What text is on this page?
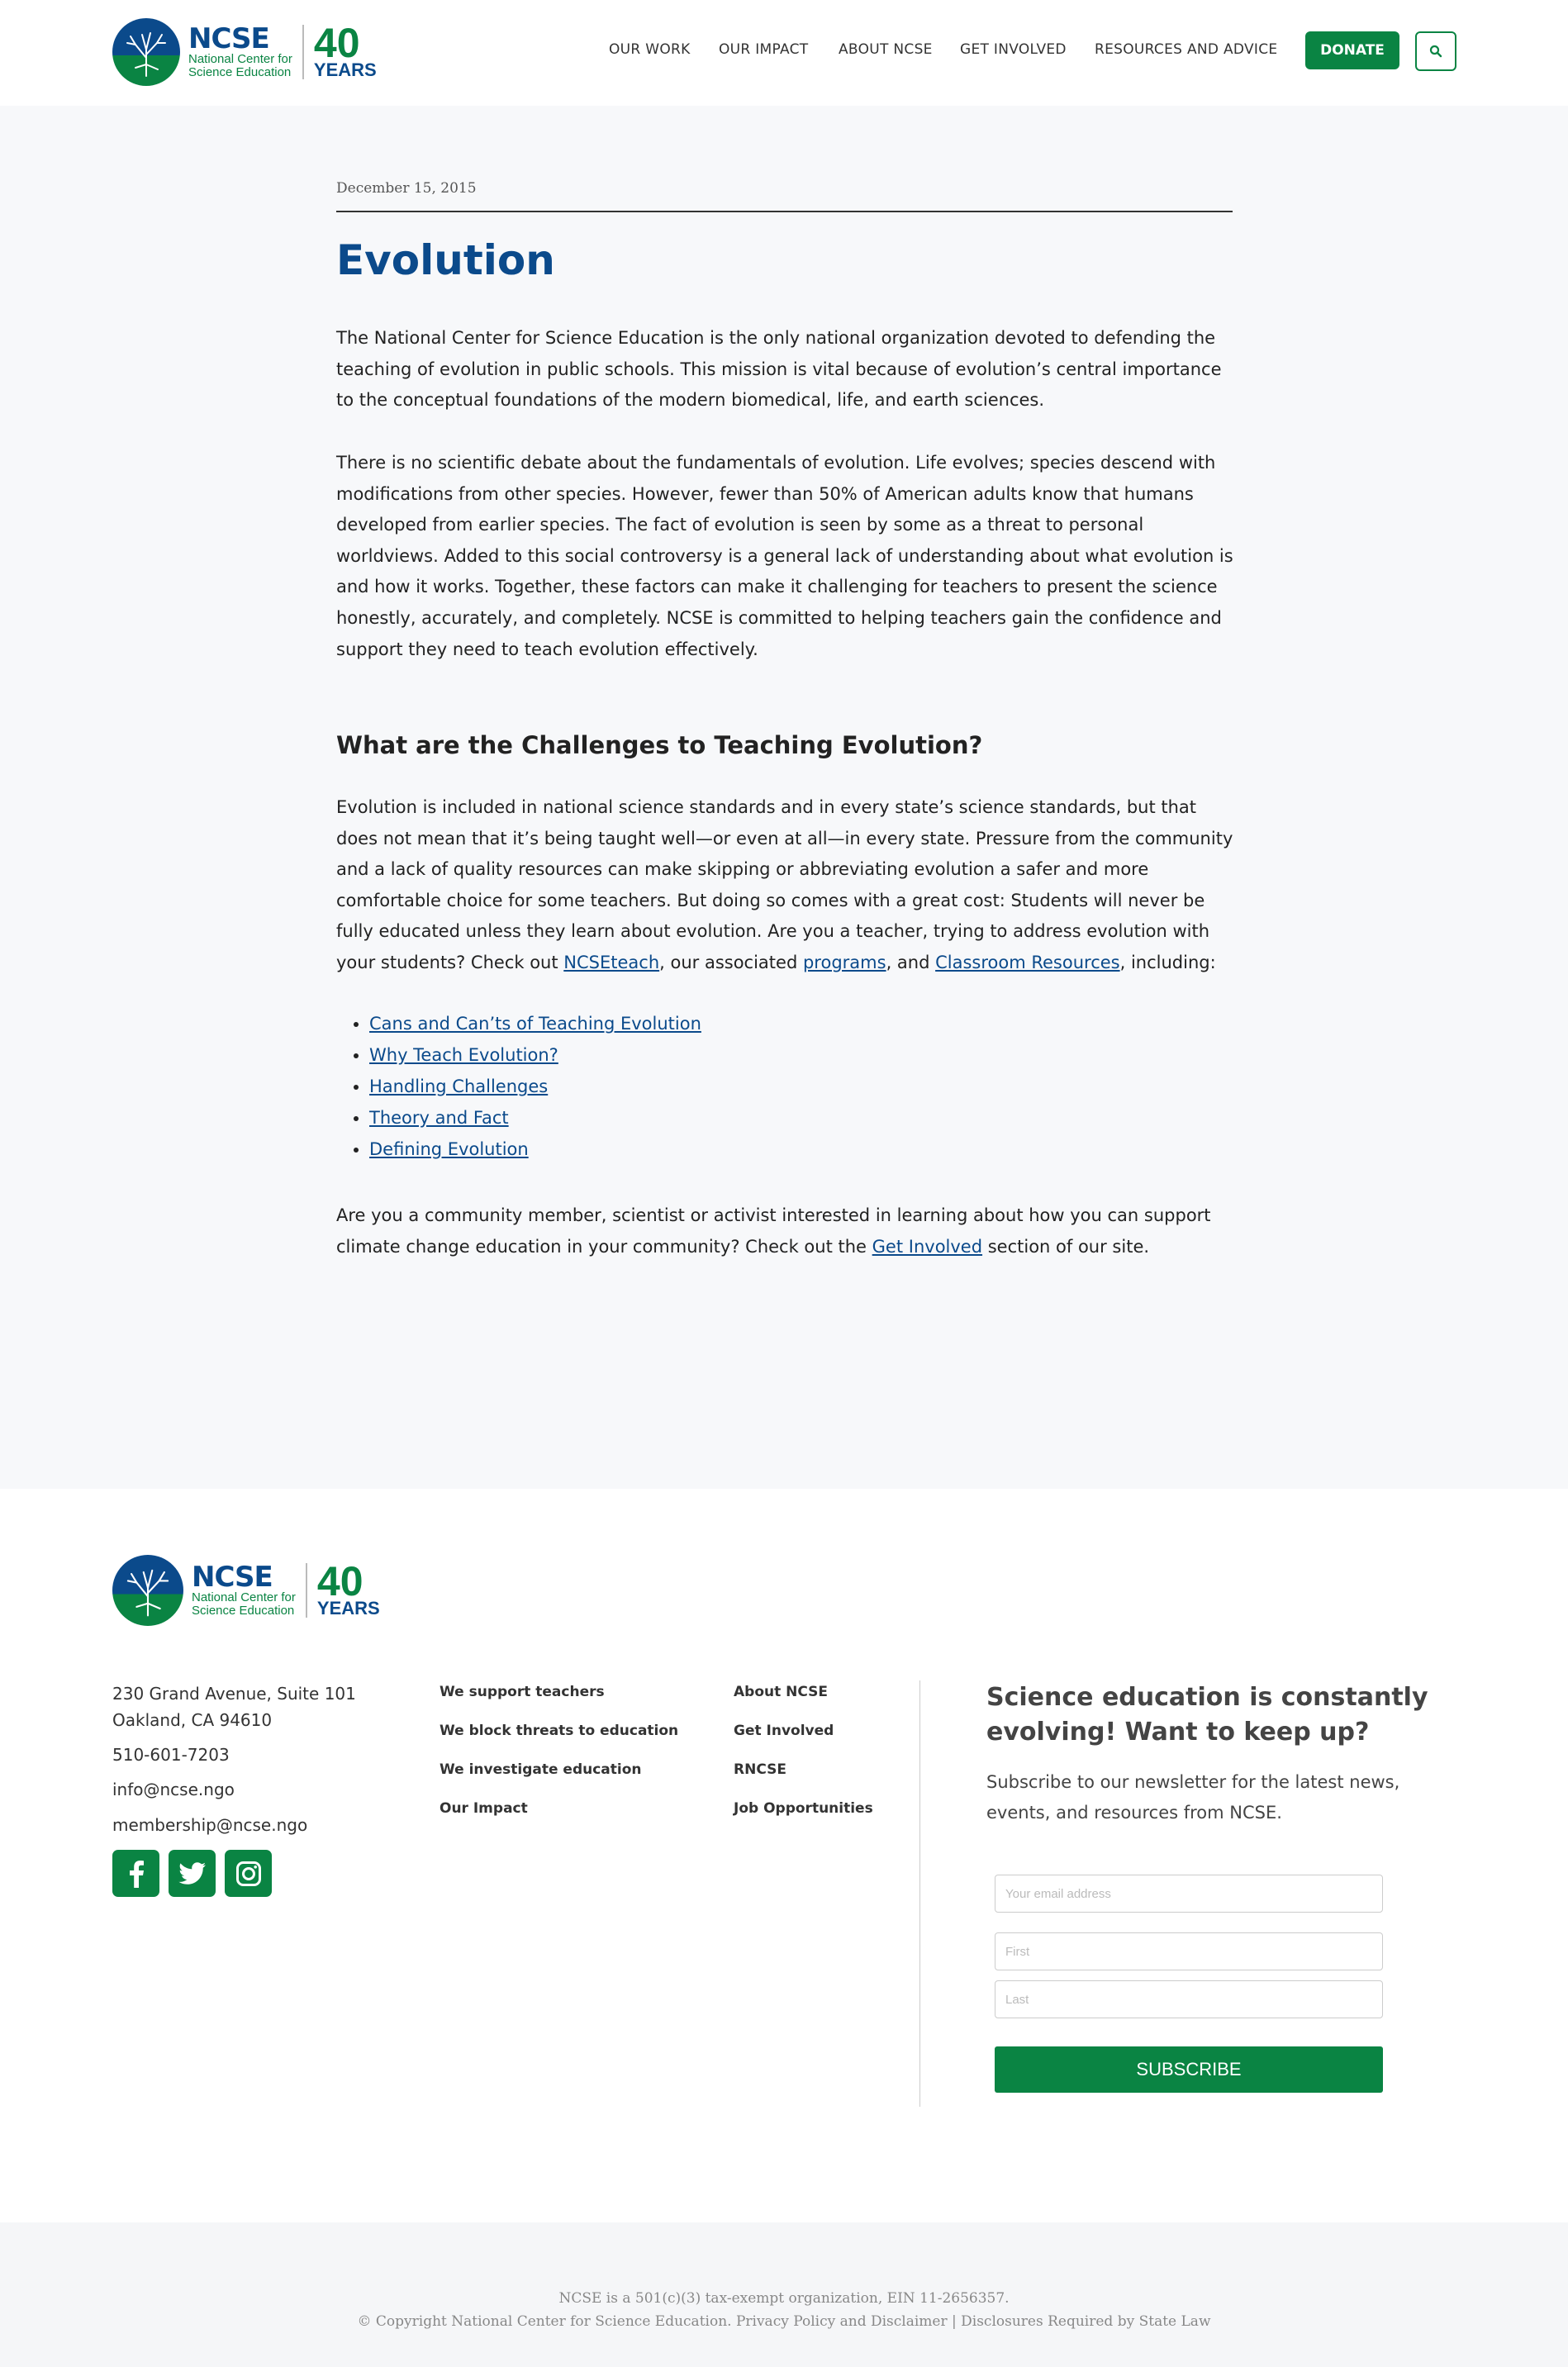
NCSE
National Center for
Science Education
40
YEARS
OUR WORK OUR IMPACT ABOUT NCSE GET INVOLVED RESOURCES AND ADVICE	DONATE
December 15, 2015
Evolution

The National Center for Science Education is the only national organization devoted to defending the teaching of evolution in public schools. This mission is vital because of evolution’s central importance to the conceptual foundations of the modern biomedical, life, and earth sciences.

There is no scientific debate about the fundamentals of evolution. Life evolves; species descend with modifications from other species. However, fewer than 50% of American adults know that humans developed from earlier species. The fact of evolution is seen by some as a threat to personal worldviews. Added to this social controversy is a general lack of understanding about what evolution is and how it works. Together, these factors can make it challenging for teachers to present the science honestly, accurately, and completely. NCSE is committed to helping teachers gain the confidence and support they need to teach evolution effectively.

What are the Challenges to Teaching Evolution?

Evolution is included in national science standards and in every state’s science standards, but that does not mean that it’s being taught well—or even at all—in every state. Pressure from the community and a lack of quality resources can make skipping or abbreviating evolution a safer and more comfortable choice for some teachers. But doing so comes with a great cost: Students will never be fully educated unless they learn about evolution. Are you a teacher, trying to address evolution with your students? Check out NCSEteach, our associated programs, and Classroom Resources, including:

• Cans and Can’ts of Teaching Evolution
• Why Teach Evolution?
• Handling Challenges
• Theory and Fact
• Defining Evolution

Are you a community member, scientist or activist interested in learning about how you can support climate change education in your community? Check out the Get Involved section of our site.

NCSE
National Center for
Science Education
40
YEARS
230 Grand Avenue, Suite 101
Oakland, CA 94610
510-601-7203
info@ncse.ngo
membership@ncse.ngo
We support teachers
We block threats to education
We investigate education
Our Impact
About NCSE
Get Involved
RNCSE
Job Opportunities
Science education is constantly evolving! Want to keep up?
Subscribe to our newsletter for the latest news, events, and resources from NCSE.
Your email address
First
Last
SUBSCRIBE
NCSE is a 501(c)(3) tax-exempt organization, EIN 11-2656357.
© Copyright National Center for Science Education. Privacy Policy and Disclaimer | Disclosures Required by State Law
